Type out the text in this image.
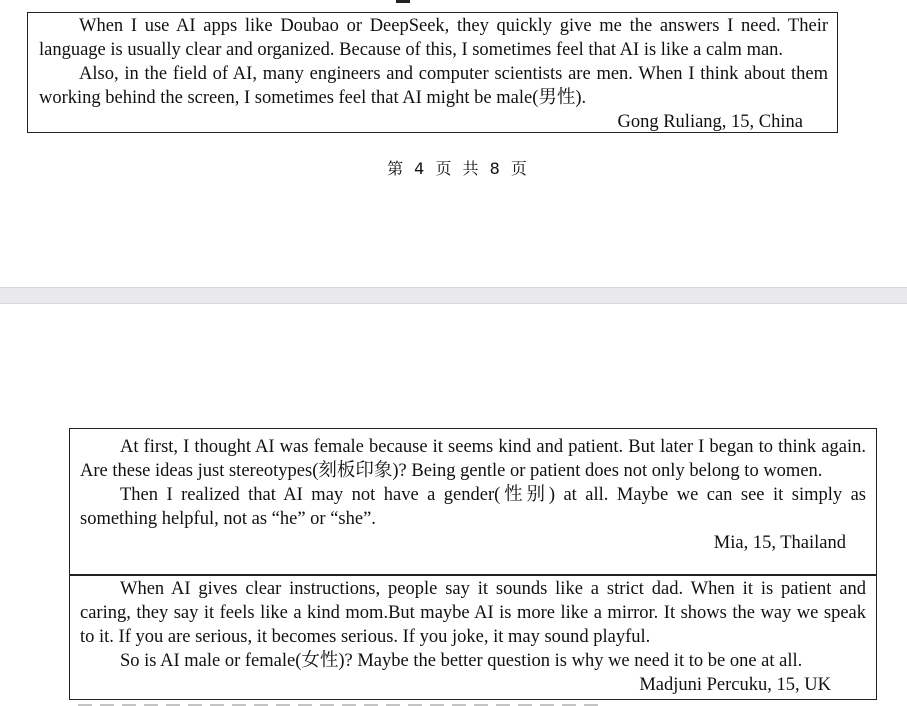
When I use AI apps like Doubao or DeepSeek, they quickly give me the answers I need. Their language is usually clear and organized. Because of this, I sometimes feel that AI is like a calm man.

Also, in the field of AI, many engineers and computer scientists are men. When I think about them working behind the screen, I sometimes feel that AI might be male(男性).

Gong Ruliang, 15, China
第 4 页 共 8 页

At first, I thought AI was female because it seems kind and patient. But later I began to think again. Are these ideas just stereotypes(刻板印象)? Being gentle or patient does not only belong to women.

Then I realized that AI may not have a gender(性别) at all. Maybe we can see it simply as something helpful, not as “he” or “she”.

Mia, 15, Thailand

When AI gives clear instructions, people say it sounds like a strict dad. When it is patient and caring, they say it feels like a kind mom.But maybe AI is more like a mirror. It shows the way we speak to it. If you are serious, it becomes serious. If you joke, it may sound playful.

So is AI male or female(女性)? Maybe the better question is why we need it to be one at all.

Madjuni Percuku, 15, UK
